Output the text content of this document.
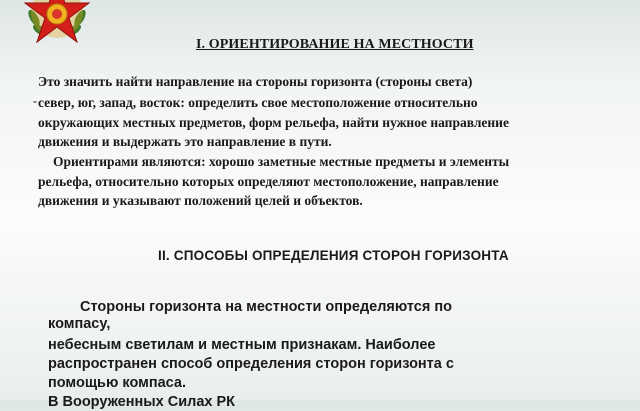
I. ОРИЕНТИРОВАНИЕ НА МЕСТНОСТИ

Это значить найти направление на стороны горизонта (стороны света)

- север, юг, запад, восток: определить свое местоположение относительно

окружающих местных предметов, форм рельефа, найти нужное направление

движения и выдержать это направление в пути.

Ориентирами являются: хорошо заметные местные предметы и элементы

рельефа, относительно которых определяют местоположение, направление

движения и указывают положений целей и объектов.

II. СПОСОБЫ ОПРЕДЕЛЕНИЯ СТОРОН ГОРИЗОНТА

Стороны горизонта на местности определяются по

компасу,

небесным светилам и местным признакам. Наиболее

распространен способ определения сторон горизонта с

помощью компаса.

В Вооруженных Силах РК
